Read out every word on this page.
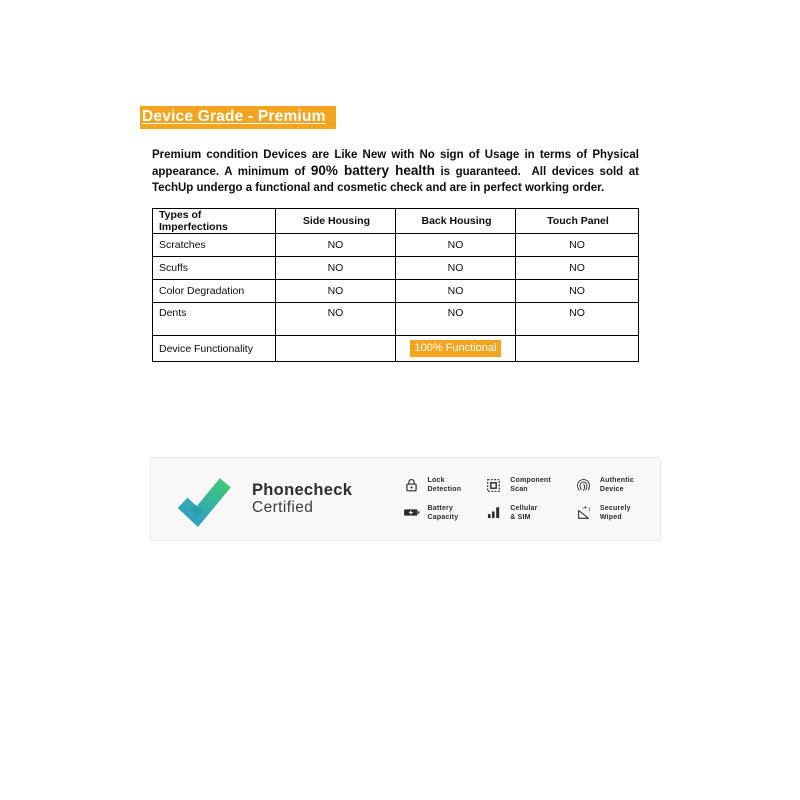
Device Grade - Premium

Premium condition Devices are Like New with No sign of Usage in terms of Physical appearance. A minimum of 90% battery health is guaranteed.  All devices sold at TechUp undergo a functional and cosmetic check and are in perfect working order.

Types of Imperfections	Side Housing	Back Housing	Touch Panel
Scratches	NO	NO	NO
Scuffs	NO	NO	NO
Color Degradation	NO	NO	NO
Dents	NO	NO	NO
Device Functionality		100% Functional	
Phonecheck
Certified
Lock
Detection
Component
Scan
Authentic
Device
Battery
Capacity
Cellular
& SIM
Securely
Wiped
